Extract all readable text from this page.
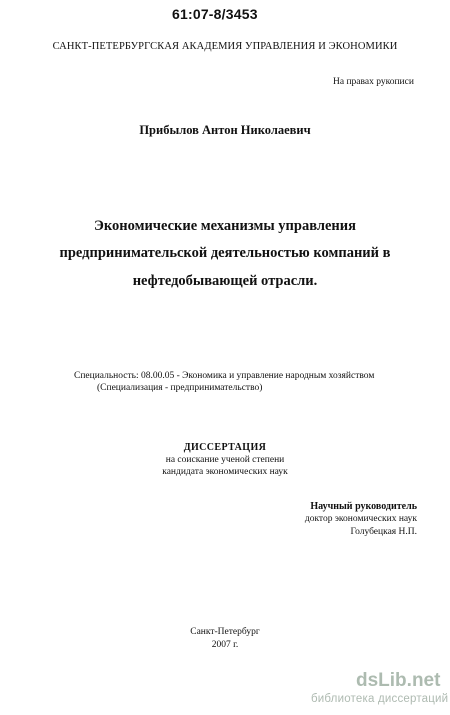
61:07-8/3453
САНКТ-ПЕТЕРБУРГСКАЯ АКАДЕМИЯ УПРАВЛЕНИЯ И ЭКОНОМИКИ
На правах рукописи
Прибылов Антон Николаевич
Экономические механизмы управления
предпринимательской деятельностью компаний в
нефтедобывающей отрасли.
Специальность: 08.00.05 - Экономика и управление народным хозяйством
(Специализация - предпринимательство)
ДИССЕРТАЦИЯ
на соискание ученой степени
кандидата экономических наук
Научный руководитель
доктор экономических наук
Голубецкая Н.П.
Санкт-Петербург
2007 г.
dsLib.net
библиотека диссертаций
